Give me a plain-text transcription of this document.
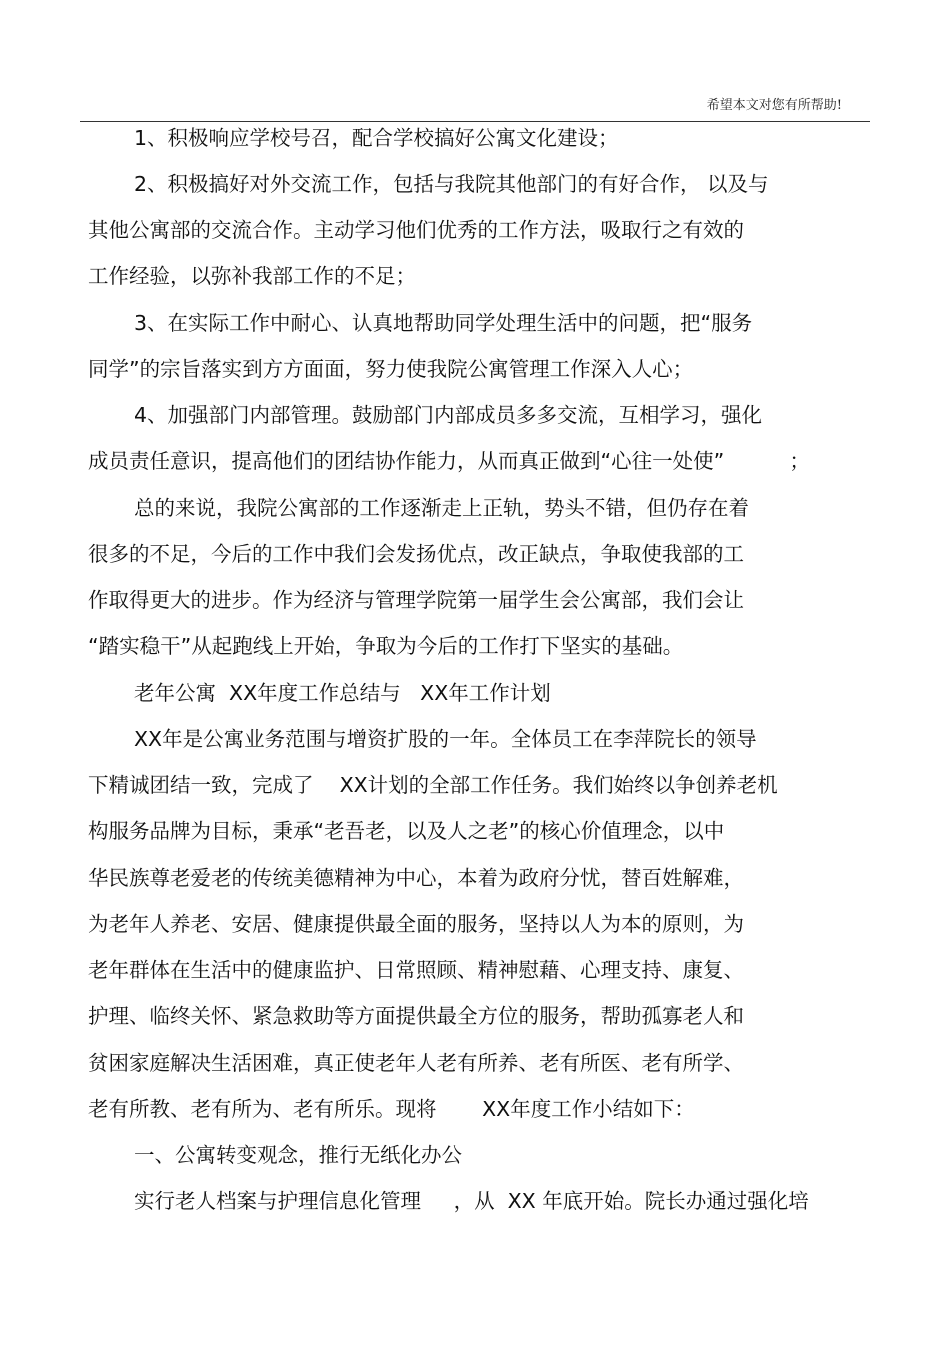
希望本文对您有所帮助!
1、积极响应学校号召，配合学校搞好公寓文化建设；
2、积极搞好对外交流工作，包括与我院其他部门的有好合作， 以及与
其他公寓部的交流合作。主动学习他们优秀的工作方法，吸取行之有效的
工作经验，以弥补我部工作的不足；
3、在实际工作中耐心、认真地帮助同学处理生活中的问题，把“服务
同学”的宗旨落实到方方面面，努力使我院公寓管理工作深入人心；
4、加强部门内部管理。鼓励部门内部成员多多交流，互相学习，强化
成员责任意识，提高他们的团结协作能力，从而真正做到“心往一处使”          ；
总的来说，我院公寓部的工作逐渐走上正轨，势头不错，但仍存在着
很多的不足，今后的工作中我们会发扬优点，改正缺点，争取使我部的工
作取得更大的进步。作为经济与管理学院第一届学生会公寓部，我们会让
“踏实稳干”从起跑线上开始，争取为今后的工作打下坚实的基础。
老年公寓  XX年度工作总结与   XX年工作计划
XX年是公寓业务范围与增资扩股的一年。全体员工在李萍院长的领导
下精诚团结一致，完成了    XX计划的全部工作任务。我们始终以争创养老机
构服务品牌为目标，秉承“老吾老，以及人之老”的核心价值理念，以中
华民族尊老爱老的传统美德精神为中心，本着为政府分忧，替百姓解难，
为老年人养老、安居、健康提供最全面的服务，坚持以人为本的原则，为
老年群体在生活中的健康监护、日常照顾、精神慰藉、心理支持、康复、
护理、临终关怀、紧急救助等方面提供最全方位的服务，帮助孤寡老人和
贫困家庭解决生活困难，真正使老年人老有所养、老有所医、老有所学、
老有所教、老有所为、老有所乐。现将       XX年度工作小结如下：
一、公寓转变观念，推行无纸化办公
实行老人档案与护理信息化管理     ，从  XX 年底开始。院长办通过强化培
